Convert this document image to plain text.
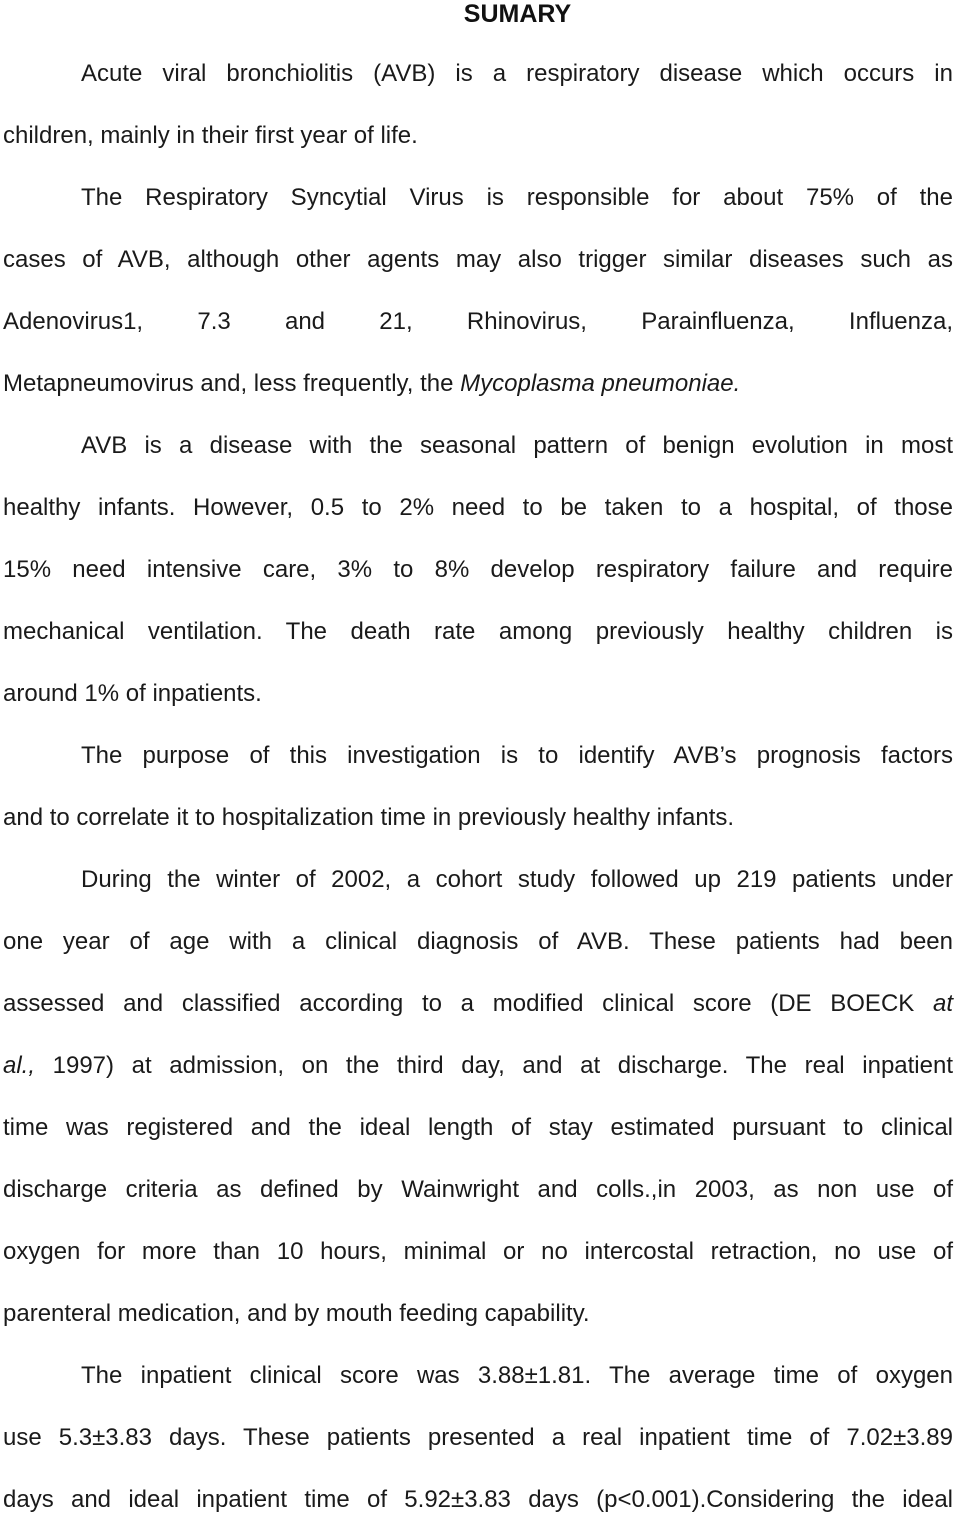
SUMARY
Acute viral bronchiolitis (AVB) is a respiratory disease which occurs in
children, mainly in their first year of life.
The Respiratory Syncytial Virus is responsible for about 75% of the
cases of AVB, although other agents may also trigger similar diseases such as
Adenovirus1, 7.3 and 21, Rhinovirus, Parainfluenza, Influenza,
Metapneumovirus and, less frequently, the Mycoplasma pneumoniae.
AVB is a disease with the seasonal pattern of benign evolution in most
healthy infants. However, 0.5 to 2% need to be taken to a hospital, of those
15% need intensive care, 3% to 8% develop respiratory failure and require
mechanical ventilation. The death rate among previously healthy children is
around 1% of inpatients.
The purpose of this investigation is to identify AVB’s prognosis factors
and to correlate it to hospitalization time in previously healthy infants.
During the winter of 2002, a cohort study followed up 219 patients under
one year of age with a clinical diagnosis of AVB. These patients had been
assessed and classified according to a modified clinical score (DE BOECK at
al., 1997) at admission, on the third day, and at discharge. The real inpatient
time was registered and the ideal length of stay estimated pursuant to clinical
discharge criteria as defined by Wainwright and colls.,in 2003, as non use of
oxygen for more than 10 hours, minimal or no intercostal retraction, no use of
parenteral medication, and by mouth feeding capability.
The inpatient clinical score was 3.88±1.81. The average time of oxygen
use 5.3±3.83 days. These patients presented a real inpatient time of 7.02±3.89
days and ideal inpatient time of 5.92±3.83 days (p<0.001).Considering the ideal
